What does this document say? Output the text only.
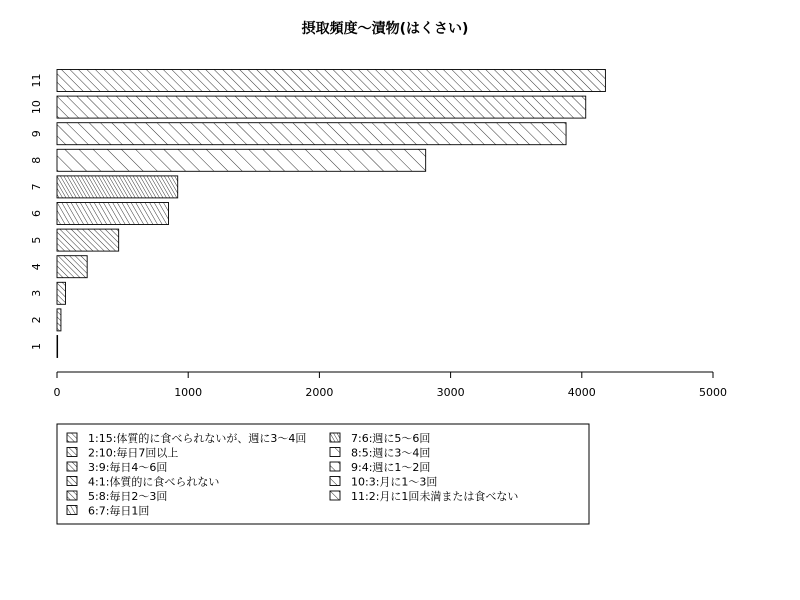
摂取頻度～漬物(はくさい)
1
2
3
4
5
6
7
8
9
10
11
0	1000	2000	3000	4000	5000
1:15:体質的に食べられないが、週に3～4回
2:10:毎日7回以上
3:9:毎日4～6回
4:1:体質的に食べられない
5:8:毎日2～3回
6:7:毎日1回
7:6:週に5～6回
8:5:週に3～4回
9:4:週に1～2回
10:3:月に1～3回
11:2:月に1回未満または食べない
